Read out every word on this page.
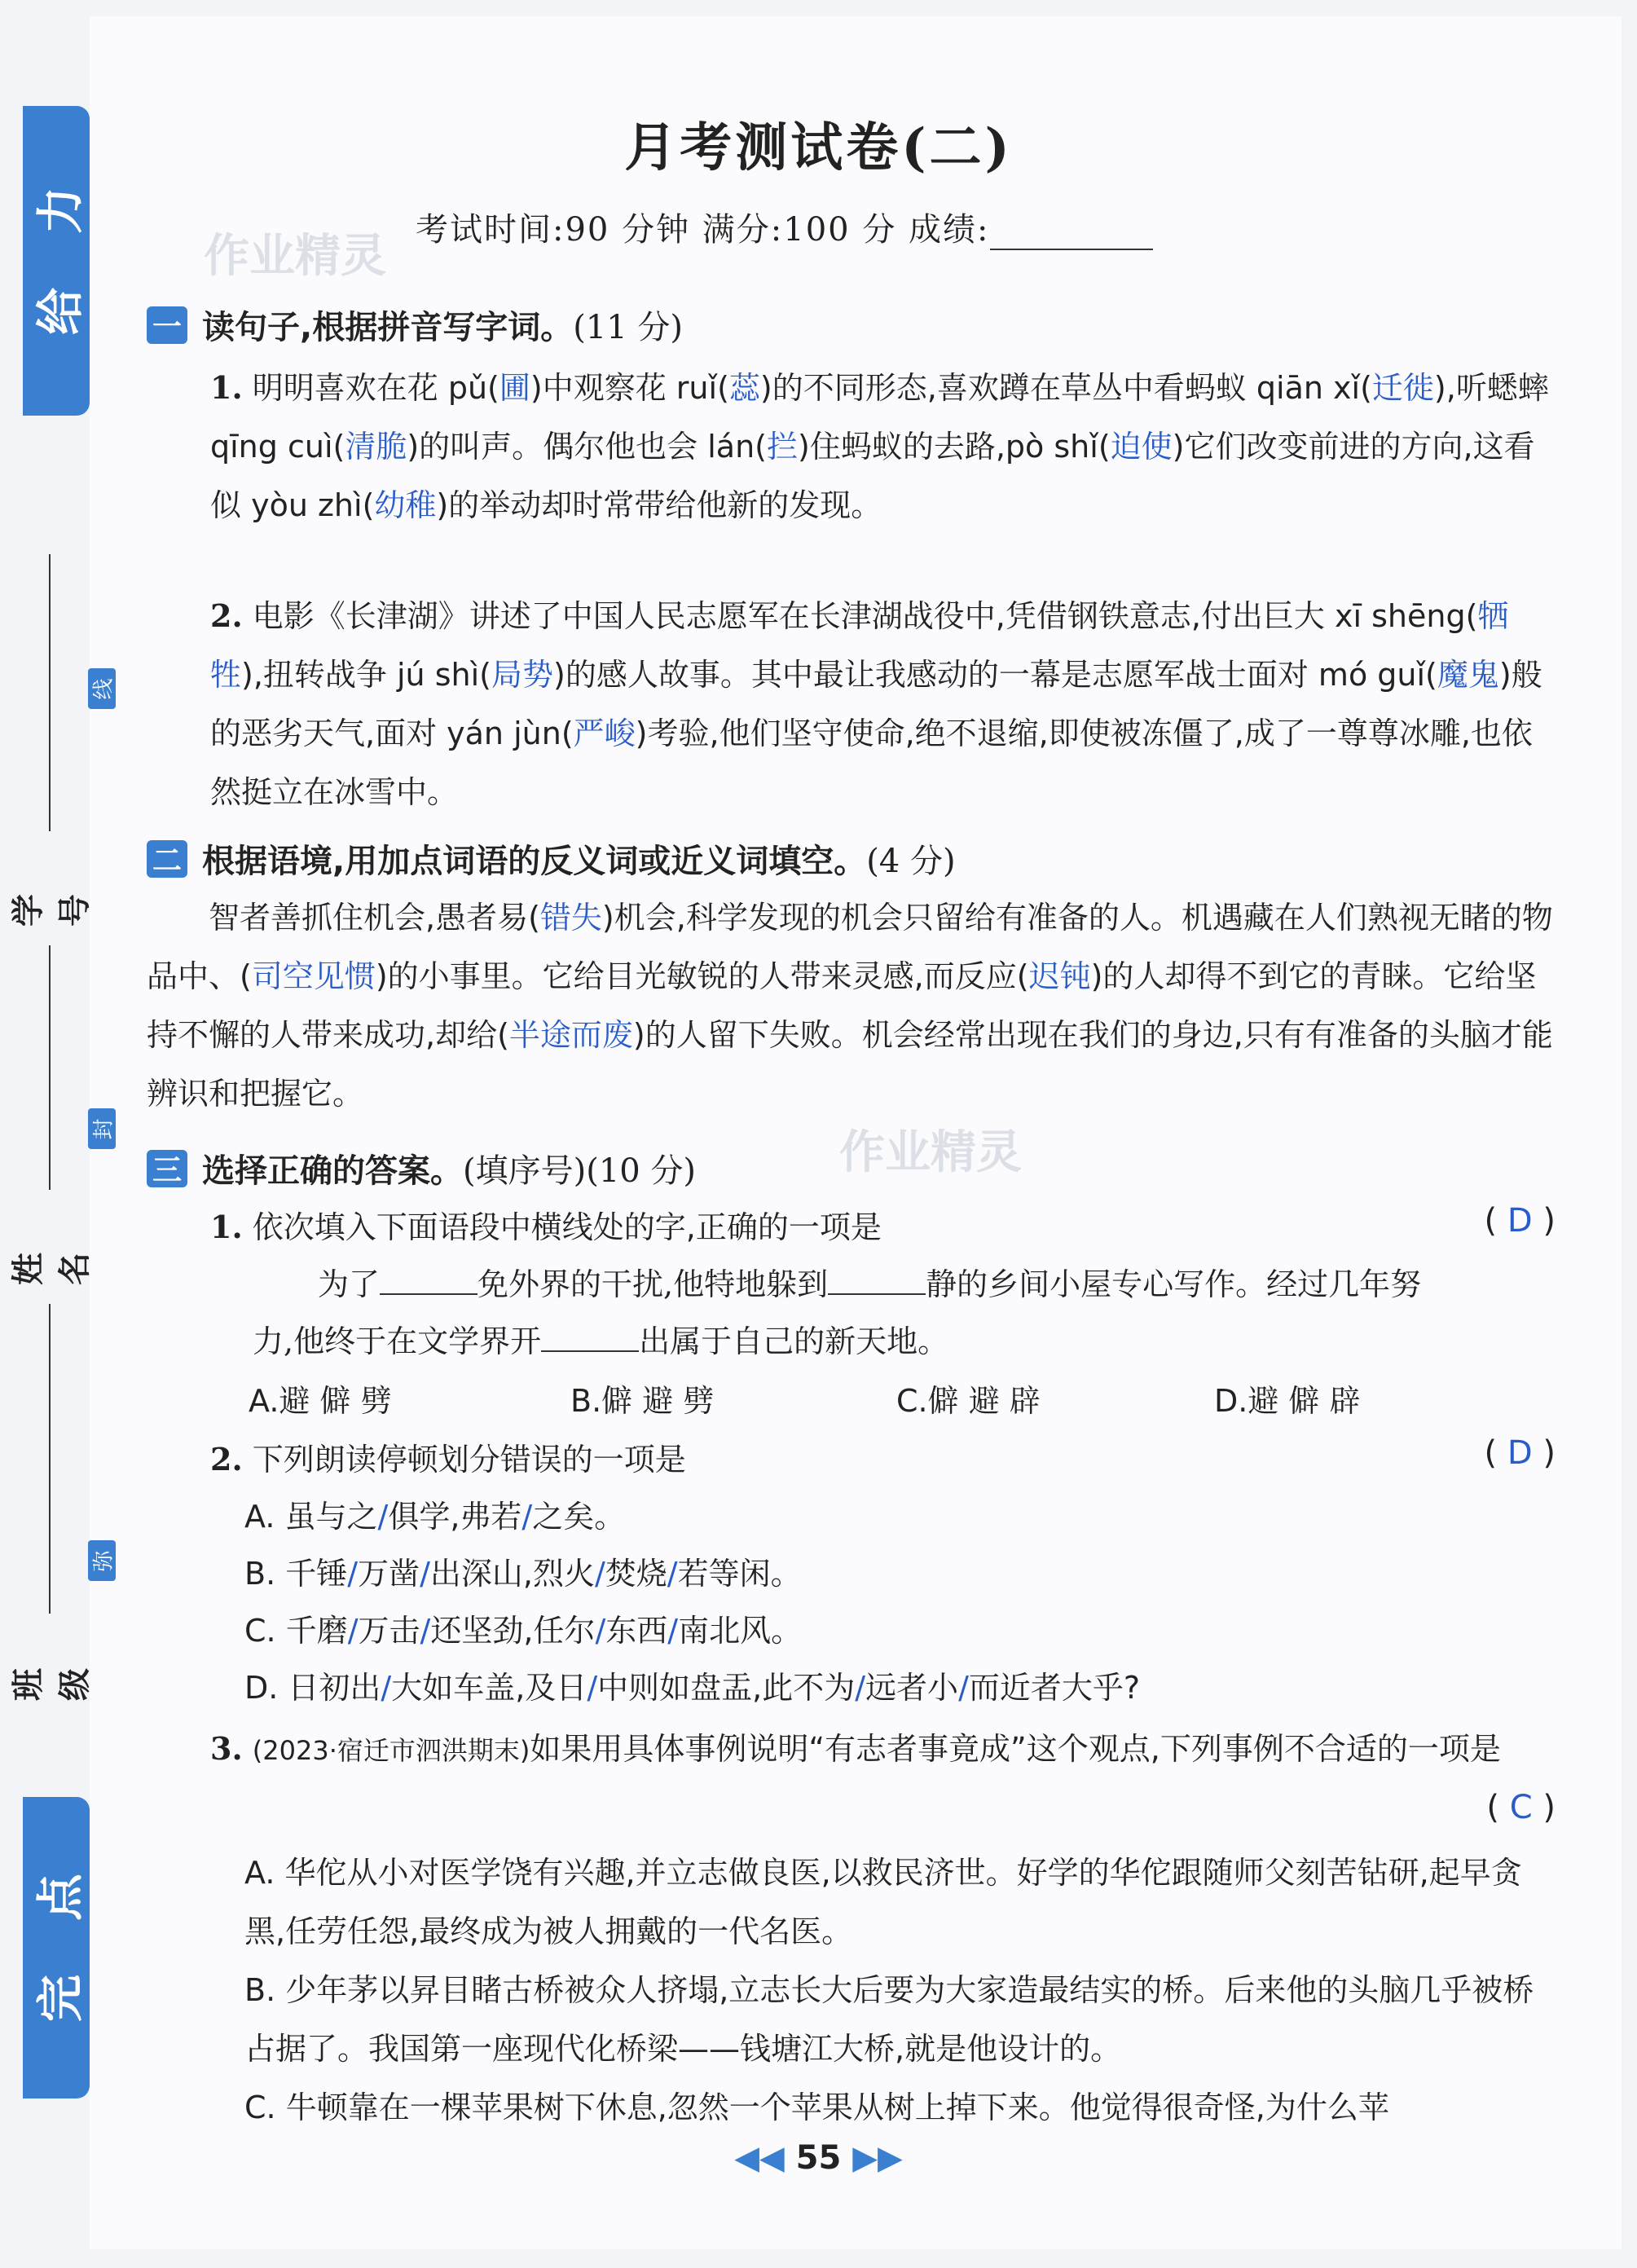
力
给
点
完
学号
姓名
班级
线
封
弥
作业精灵
作业精灵
月考测试卷(二)
考试时间:90 分钟 满分:100 分 成绩:
一 读句子,根据拼音写字词。 (11 分)
1. 明明喜欢在花 pǔ(圃)中观察花 ruǐ(蕊)的不同形态,喜欢蹲在草丛中看蚂蚁 qiān xǐ(迁徙),听蟋蟀 qīng cuì(清脆)的叫声。偶尔他也会 lán(拦)住蚂蚁的去路,pò shǐ(迫使)它们改变前进的方向,这看似 yòu zhì(幼稚)的举动却时常带给他新的发现。
2. 电影《长津湖》讲述了中国人民志愿军在长津湖战役中,凭借钢铁意志,付出巨大 xī shēng(牺牲),扭转战争 jú shì(局势)的感人故事。其中最让我感动的一幕是志愿军战士面对 mó guǐ(魔鬼)般的恶劣天气,面对 yán jùn(严峻)考验,他们坚守使命,绝不退缩,即使被冻僵了,成了一尊尊冰雕,也依然挺立在冰雪中。
二 根据语境,用加点词语的反义词或近义词填空。 (4 分)
智者善抓住机会,愚者易(错失)机会,科学发现的机会只留给有准备的人。机遇藏在人们熟视无睹的物品中、(司空见惯)的小事里。它给目光敏锐的人带来灵感,而反应(迟钝)的人却得不到它的青睐。它给坚持不懈的人带来成功,却给(半途而废)的人留下失败。机会经常出现在我们的身边,只有有准备的头脑才能辨识和把握它。
三 选择正确的答案。 (填序号)(10 分)
1. 依次填入下面语段中横线处的字,正确的一项是	( D )
为了	免外界的干扰,他特地躲到	静的乡间小屋专心写作。经过几年努
力,他终于在文学界开	出属于自己的新天地。
A.避 僻 劈	B.僻 避 劈	C.僻 避 辟	D.避 僻 辟
2. 下列朗读停顿划分错误的一项是	( D )
A. 虽与之/俱学,弗若/之矣。
B. 千锤/万凿/出深山,烈火/焚烧/若等闲。
C. 千磨/万击/还坚劲,任尔/东西/南北风。
D. 日初出/大如车盖,及日/中则如盘盂,此不为/远者小/而近者大乎?
3. (2023·宿迁市泗洪期末)如果用具体事例说明“有志者事竟成”这个观点,下列事例不合适的一项是
( C )
A. 华佗从小对医学饶有兴趣,并立志做良医,以救民济世。好学的华佗跟随师父刻苦钻研,起早贪黑,任劳任怨,最终成为被人拥戴的一代名医。
B. 少年茅以昇目睹古桥被众人挤塌,立志长大后要为大家造最结实的桥。后来他的头脑几乎被桥占据了。我国第一座现代化桥梁——钱塘江大桥,就是他设计的。
C. 牛顿靠在一棵苹果树下休息,忽然一个苹果从树上掉下来。他觉得很奇怪,为什么苹
◀◀ 55 ▶▶
